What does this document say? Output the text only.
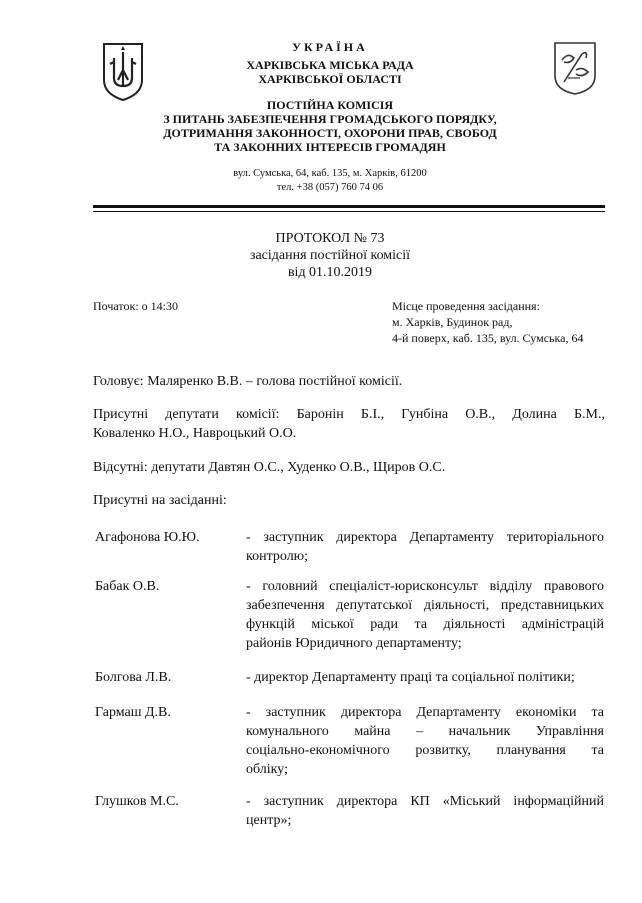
УКРАЇНА
ХАРКІВСЬКА МІСЬКА РАДА
ХАРКІВСЬКОЇ ОБЛАСТІ
ПОСТІЙНА КОМІСІЯ
З ПИТАНЬ ЗАБЕЗПЕЧЕННЯ ГРОМАДСЬКОГО ПОРЯДКУ,
ДОТРИМАННЯ ЗАКОННОСТІ, ОХОРОНИ ПРАВ, СВОБОД
ТА ЗАКОННИХ ІНТЕРЕСІВ ГРОМАДЯН
вул. Сумська, 64, каб. 135, м. Харків, 61200
тел. +38 (057) 760 74 06
ПРОТОКОЛ № 73
засідання постійної комісії
від 01.10.2019
Початок: о 14:30	Місце проведення засідання:
м. Харків, Будинок рад,
4-й поверх, каб. 135, вул. Сумська, 64
Головує: Маляренко В.В. – голова постійної комісії.
Присутні депутати комісії: Баронін Б.І., Гунбіна О.В., Долина Б.М.,
Коваленко Н.О., Навроцький О.О.
Відсутні: депутати Давтян О.С., Худенко О.В., Щиров О.С.
Присутні на засіданні:
Агафонова Ю.Ю.	- заступник директора Департаменту територіального
контролю;
Бабак О.В.	- головний спеціаліст-юрисконсульт відділу правового
забезпечення депутатської діяльності, представницьких
функцій міської ради та діяльності адміністрацій
районів Юридичного департаменту;
Болгова Л.В.	- директор Департаменту праці та соціальної політики;
Гармаш Д.В.	- заступник директора Департаменту економіки та
комунального майна – начальник Управління
соціально-економічного розвитку, планування та
обліку;
Глушков М.С.	- заступник директора КП «Міський інформаційний
центр»;
